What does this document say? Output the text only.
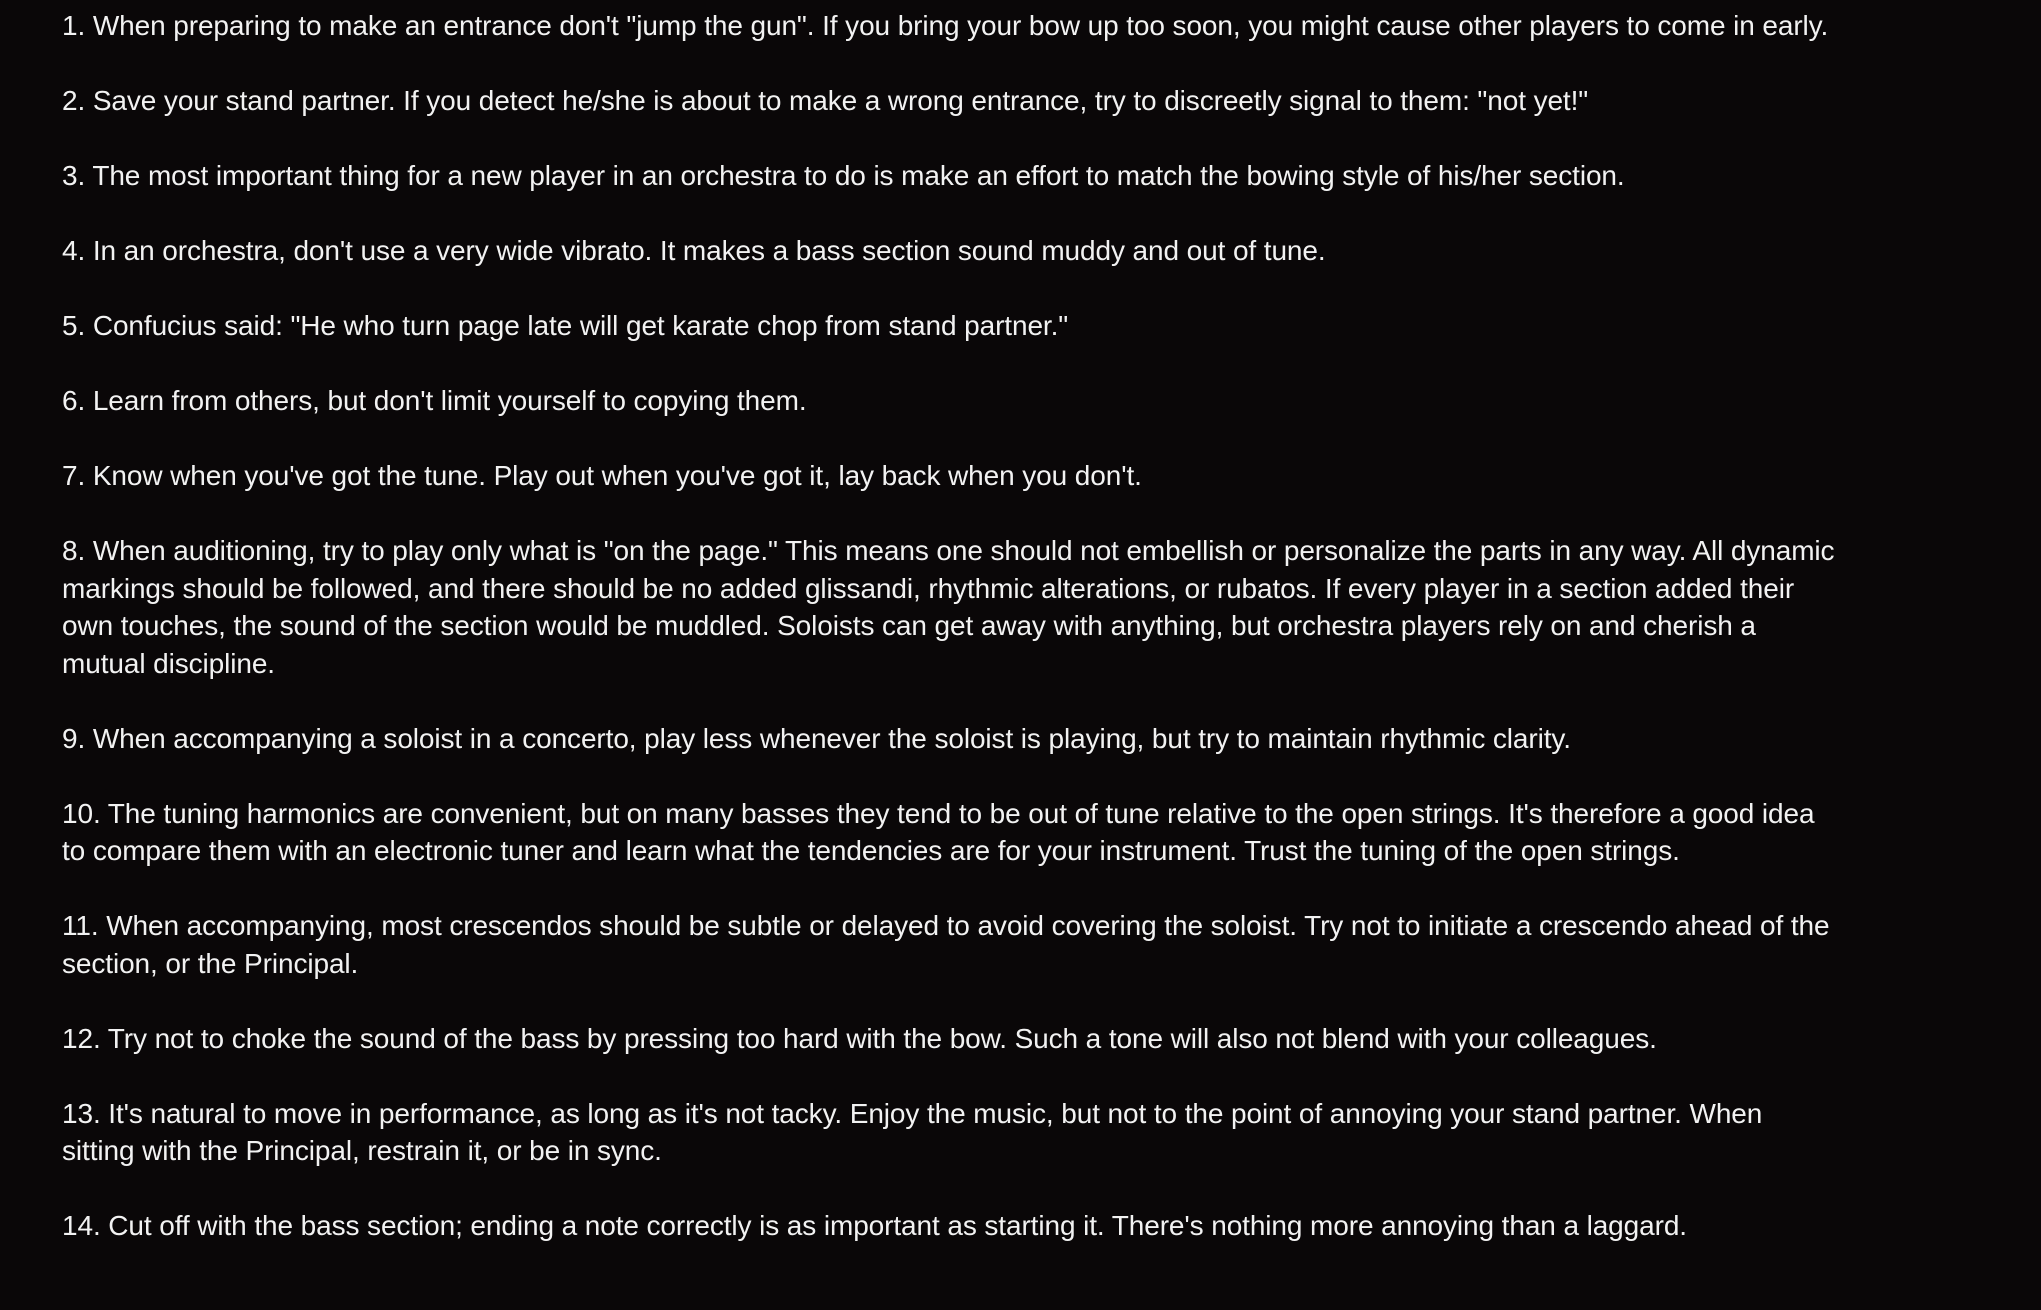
1. When preparing to make an entrance don't "jump the gun". If you bring your bow up too soon, you might cause other players to come in early.

2. Save your stand partner. If you detect he/she is about to make a wrong entrance, try to discreetly signal to them: "not yet!"

3. The most important thing for a new player in an orchestra to do is make an effort to match the bowing style of his/her section.

4. In an orchestra, don't use a very wide vibrato. It makes a bass section sound muddy and out of tune.

5. Confucius said: "He who turn page late will get karate chop from stand partner."

6. Learn from others, but don't limit yourself to copying them.

7. Know when you've got the tune. Play out when you've got it, lay back when you don't.

8. When auditioning, try to play only what is "on the page." This means one should not embellish or personalize the parts in any way. All dynamic markings should be followed, and there should be no added glissandi, rhythmic alterations, or rubatos. If every player in a section added their own touches, the sound of the section would be muddled. Soloists can get away with anything, but orchestra players rely on and cherish a mutual discipline.

9. When accompanying a soloist in a concerto, play less whenever the soloist is playing, but try to maintain rhythmic clarity.

10. The tuning harmonics are convenient, but on many basses they tend to be out of tune relative to the open strings. It's therefore a good idea to compare them with an electronic tuner and learn what the tendencies are for your instrument. Trust the tuning of the open strings.

11. When accompanying, most crescendos should be subtle or delayed to avoid covering the soloist. Try not to initiate a crescendo ahead of the section, or the Principal.

12. Try not to choke the sound of the bass by pressing too hard with the bow. Such a tone will also not blend with your colleagues.

13. It's natural to move in performance, as long as it's not tacky. Enjoy the music, but not to the point of annoying your stand partner. When sitting with the Principal, restrain it, or be in sync.

14. Cut off with the bass section; ending a note correctly is as important as starting it. There's nothing more annoying than a laggard.
